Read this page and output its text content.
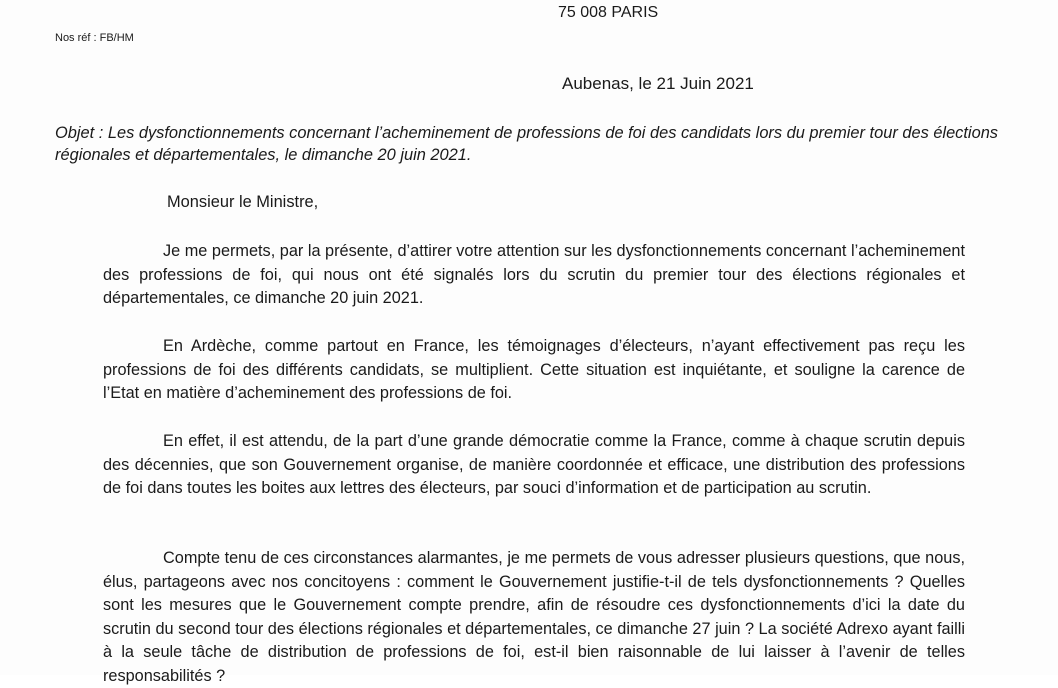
75 008 PARIS
Nos réf : FB/HM
Aubenas, le 21 Juin 2021
Objet : Les dysfonctionnements concernant l’acheminement de professions de foi des candidats lors du premier tour des élections régionales et départementales, le dimanche 20 juin 2021.
Monsieur le Ministre,
Je me permets, par la présente, d’attirer votre attention sur les dysfonctionnements concernant l’acheminement des professions de foi, qui nous ont été signalés lors du scrutin du premier tour des élections régionales et départementales, ce dimanche 20 juin 2021.
En Ardèche, comme partout en France, les témoignages d’électeurs, n’ayant effectivement pas reçu les professions de foi des différents candidats, se multiplient. Cette situation est inquiétante, et souligne la carence de l’Etat en matière d’acheminement des professions de foi.
En effet, il est attendu, de la part d’une grande démocratie comme la France, comme à chaque scrutin depuis des décennies, que son Gouvernement organise, de manière coordonnée et efficace, une distribution des professions de foi dans toutes les boites aux lettres des électeurs, par souci d’information et de participation au scrutin.
Compte tenu de ces circonstances alarmantes, je me permets de vous adresser plusieurs questions, que nous, élus, partageons avec nos concitoyens : comment le Gouvernement justifie-t-il de tels dysfonctionnements ? Quelles sont les mesures que le Gouvernement compte prendre, afin de résoudre ces dysfonctionnements d’ici la date du scrutin du second tour des élections régionales et départementales, ce dimanche 27 juin ? La société Adrexo ayant failli à la seule tâche de distribution de professions de foi, est-il bien raisonnable de lui laisser à l’avenir de telles responsabilités ?
